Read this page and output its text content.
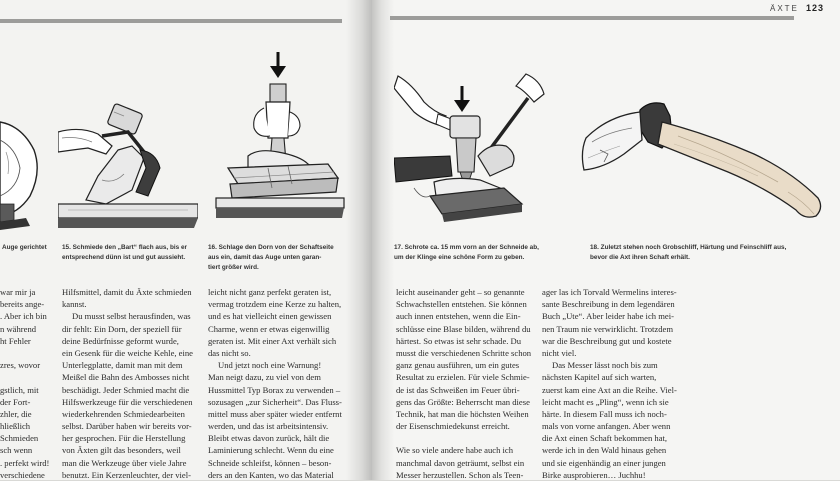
ÄXTE 123

Auge gerichtet	15. Schmiede den „Bart“ flach aus, bis er
entsprechend dünn ist und gut aussieht.

16. Schlage den Dorn von der Schaftseite
aus ein, damit das Auge unten garan-
tiert größer wird.

17. Schrote ca. 15 mm vorn an der Schneide ab,
um der Klinge eine schöne Form zu geben.

18. Zuletzt stehen noch Grobschliff, Härtung und Feinschliff aus,
bevor die Axt ihren Schaft erhält.

war mir ja
bereits ange-
. Aber ich bin
n während
ht Fehler
zres, wovor
gstlich, mit
der Fort-
zhler, die
hließlich
Schmieden
sch wenn
. perfekt wird!
verschiedene
Hilfsmittel, damit du Äxte schmieden
kannst.
Du musst selbst herausfinden, was
dir fehlt: Ein Dorn, der speziell für
deine Bedürfnisse geformt wurde,
ein Gesenk für die weiche Kehle, eine
Unterlegplatte, damit man mit dem
Meißel die Bahn des Ambosses nicht
beschädigt. Jeder Schmied macht die
Hilfswerkzeuge für die verschiedenen
wiederkehrenden Schmiedearbeiten
selbst. Darüber haben wir bereits vor-
her gesprochen. Für die Herstellung
von Äxten gilt das besonders, weil
man die Werkzeuge über viele Jahre
benutzt. Ein Kerzenleuchter, der viel-
leicht nicht ganz perfekt geraten ist,
vermag trotzdem eine Kerze zu halten,
und es hat vielleicht einen gewissen
Charme, wenn er etwas eigenwillig
geraten ist. Mit einer Axt verhält sich
das nicht so.
Und jetzt noch eine Warnung!
Man neigt dazu, zu viel von dem
Hussmittel Typ Borax zu verwenden –
sozusagen „zur Sicherheit“. Das Fluss-
mittel muss aber später wieder entfernt
werden, und das ist arbeitsintensiv.
Bleibt etwas davon zurück, hält die
Laminierung schlecht. Wenn du eine
Schneide schleifst, können – beson-
ders an den Kanten, wo das Material
leicht auseinander geht – so genannte
Schwachstellen entstehen. Sie können
auch innen entstehen, wenn die Ein-
schlüsse eine Blase bilden, während du
härtest. So etwas ist sehr schade. Du
musst die verschiedenen Schritte schon
ganz genau ausführen, um ein gutes
Resultat zu erzielen. Für viele Schmie-
de ist das Schweißen im Feuer übri-
gens das Größte: Beherrscht man diese
Technik, hat man die höchsten Weihen
der Eisenschmiedekunst erreicht.
Wie so viele andere habe auch ich
manchmal davon geträumt, selbst ein
Messer herzustellen. Schon als Teen-
ager las ich Torvald Wermelins interes-
sante Beschreibung in dem legendären
Buch „Ute“. Aber leider habe ich mei-
nen Traum nie verwirklicht. Trotzdem
war die Beschreibung gut und kostete
nicht viel.
Das Messer lässt noch bis zum
nächsten Kapitel auf sich warten,
zuerst kam eine Axt an die Reihe. Viel-
leicht macht es „Pling“, wenn ich sie
härte. In diesem Fall muss ich noch-
mals von vorne anfangen. Aber wenn
die Axt einen Schaft bekommen hat,
werde ich in den Wald hinaus gehen
und sie eigenhändig an einer jungen
Birke ausprobieren… Juchhu!
